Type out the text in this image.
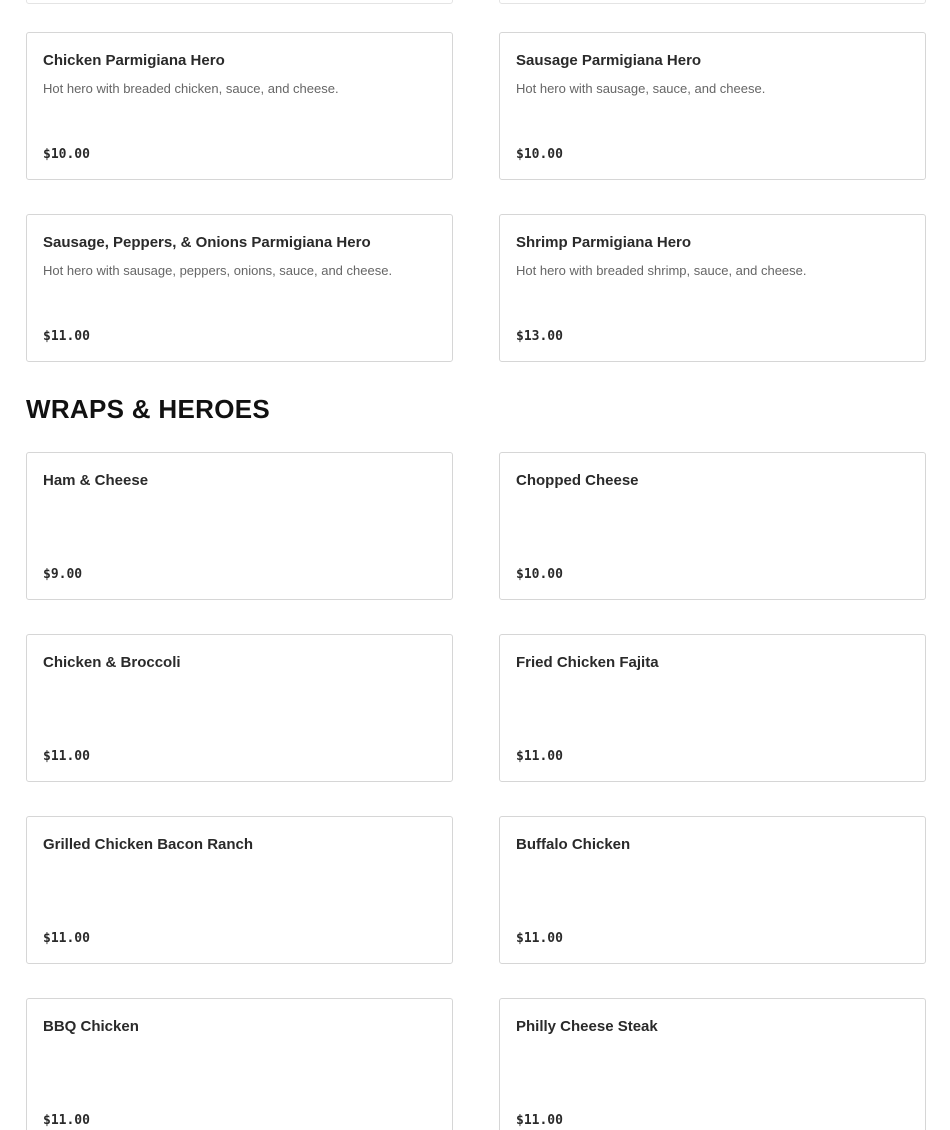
Chicken Parmigiana Hero
Hot hero with breaded chicken, sauce, and cheese.
$10.00
Sausage Parmigiana Hero
Hot hero with sausage, sauce, and cheese.
$10.00
Sausage, Peppers, & Onions Parmigiana Hero
Hot hero with sausage, peppers, onions, sauce, and cheese.
$11.00
Shrimp Parmigiana Hero
Hot hero with breaded shrimp, sauce, and cheese.
$13.00
WRAPS & HEROES
Ham & Cheese
$9.00
Chopped Cheese
$10.00
Chicken & Broccoli
$11.00
Fried Chicken Fajita
$11.00
Grilled Chicken Bacon Ranch
$11.00
Buffalo Chicken
$11.00
BBQ Chicken
$11.00
Philly Cheese Steak
$11.00
